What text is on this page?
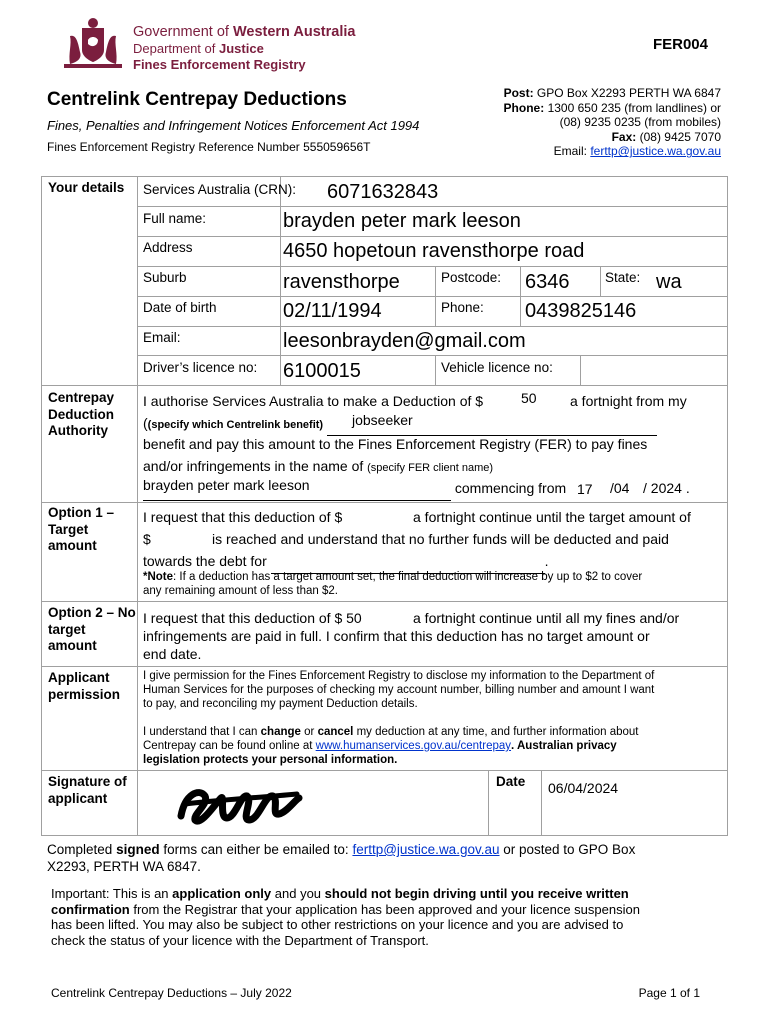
Government of Western Australia
Department of Justice
Fines Enforcement Registry
FER004
Post: GPO Box X2293 PERTH WA 6847
Phone: 1300 650 235 (from landlines) or
(08) 9235 0235 (from mobiles)
Fax: (08) 9425 7070
Email: ferttp@justice.wa.gov.au
Centrelink Centrepay Deductions
Fines, Penalties and Infringement Notices Enforcement Act 1994
Fines Enforcement Registry Reference Number 555059656T
Your details Services Australia (CRN): 6071632843
Full name:	brayden peter mark leeson
Address	4650 hopetoun ravensthorpe road
Suburb	ravensthorpe	Postcode: 6346	State: wa
Date of birth	02/11/1994	Phone: 0439825146
Email:	leesonbrayden@gmail.com
Driver’s licence no: 6100015	Vehicle licence no:
Centrepay Deduction Authority
I authorise Services Australia to make a Deduction of $	50 a fortnight from my
((specify which Centrelink benefit)	jobseeker
benefit and pay this amount to the Fines Enforcement Registry (FER) to pay fines
and/or infringements in the name of (specify FER client name)
commencing from
brayden peter mark leeson	17 /04 / 2024 .
Option 1 – Target amount
I request that this deduction of $	a fortnight continue until the target amount of
$	is reached and understand that no further funds will be deducted and paid
towards the debt for	.
*Note: If a deduction has a target amount set, the final deduction will increase by up to $2 to cover
any remaining amount of less than $2.
Option 2 – No target amount
I request that this deduction of $ 50	a fortnight continue until all my fines and/or
infringements are paid in full. I confirm that this deduction has no target amount or
end date.
Applicant permission
I give permission for the Fines Enforcement Registry to disclose my information to the Department of
Human Services for the purposes of checking my account number, billing number and amount I want
to pay, and reconciling my payment Deduction details.
I understand that I can change or cancel my deduction at any time, and further information about
Centrepay can be found online at www.humanservices.gov.au/centrepay. Australian privacy
legislation protects your personal information.
Signature of applicant
Date 06/04/2024
Completed signed forms can either be emailed to: ferttp@justice.wa.gov.au or posted to GPO Box
X2293, PERTH WA 6847.
Important: This is an application only and you should not begin driving until you receive written
confirmation from the Registrar that your application has been approved and your licence suspension
has been lifted. You may also be subject to other restrictions on your licence and you are advised to
check the status of your licence with the Department of Transport.
Centrelink Centrepay Deductions – July 2022	Page 1 of 1
